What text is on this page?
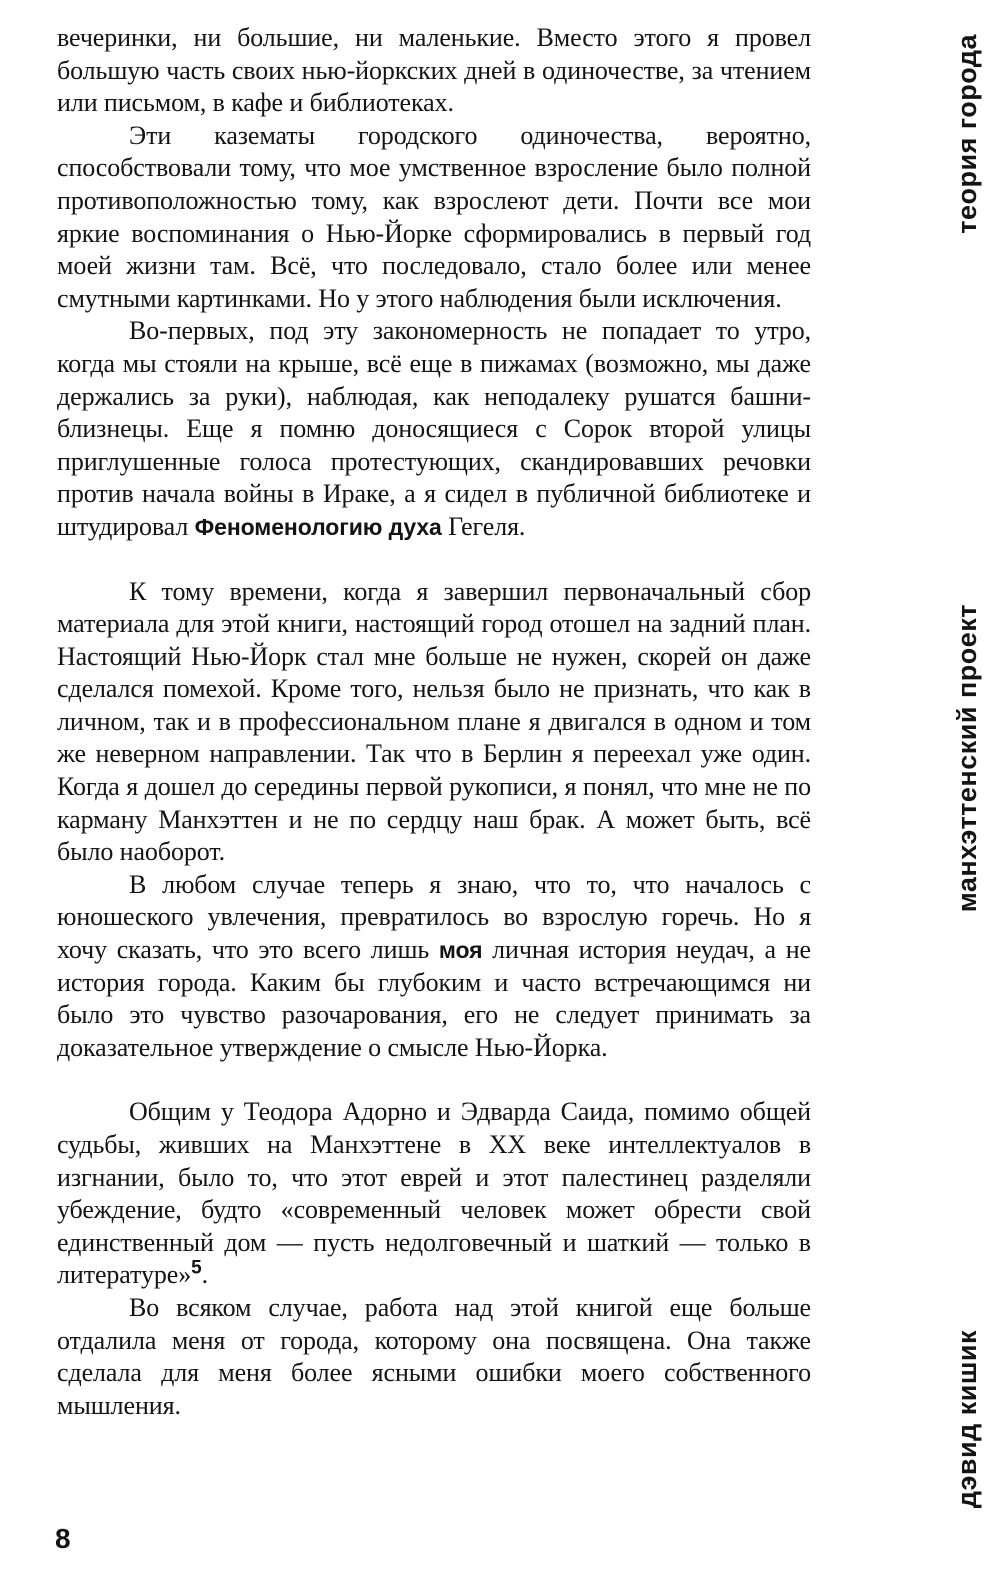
вечеринки, ни большие, ни маленькие. Вместо этого я провел большую часть своих нью-йоркских дней в одиночестве, за чтением или письмом, в кафе и библиотеках.

Эти казематы городского одиночества, вероятно, способствовали тому, что мое умственное взросление было полной противоположностью тому, как взрослеют дети. Почти все мои яркие воспоминания о Нью-Йорке сформировались в первый год моей жизни там. Всё, что последовало, стало более или менее смутными картинками. Но у этого наблюдения были исключения.

Во-первых, под эту закономерность не попадает то утро, когда мы стояли на крыше, всё еще в пижамах (возможно, мы даже держались за руки), наблюдая, как неподалеку рушатся башни-близнецы. Еще я помню доносящиеся с Сорок второй улицы приглушенные голоса протестующих, скандировавших речовки против начала войны в Ираке, а я сидел в публичной библиотеке и штудировал Феноменологию духа Гегеля.

К тому времени, когда я завершил первоначальный сбор материала для этой книги, настоящий город отошел на задний план. Настоящий Нью-Йорк стал мне больше не нужен, скорей он даже сделался помехой. Кроме того, нельзя было не признать, что как в личном, так и в профессиональном плане я двигался в одном и том же неверном направлении. Так что в Берлин я переехал уже один. Когда я дошел до середины первой рукописи, я понял, что мне не по карману Манхэттен и не по сердцу наш брак. А может быть, всё было наоборот.

В любом случае теперь я знаю, что то, что началось с юношеского увлечения, превратилось во взрослую горечь. Но я хочу сказать, что это всего лишь моя личная история неудач, а не история города. Каким бы глубоким и часто встречающимся ни было это чувство разочарования, его не следует принимать за доказательное утверждение о смысле Нью-Йорка.

Общим у Теодора Адорно и Эдварда Саида, помимо общей судьбы, живших на Манхэттене в XX веке интеллектуалов в изгнании, было то, что этот еврей и этот палестинец разделяли убеждение, будто «современный человек может обрести свой единственный дом — пусть недолговечный и шаткий — только в литературе»$^5$.

Во всяком случае, работа над этой книгой еще больше отдалила меня от города, которому она посвящена. Она также сделала для меня более ясными ошибки моего собственного мышления.

8
теория города
манхэттенский проект
дэвид кишик
